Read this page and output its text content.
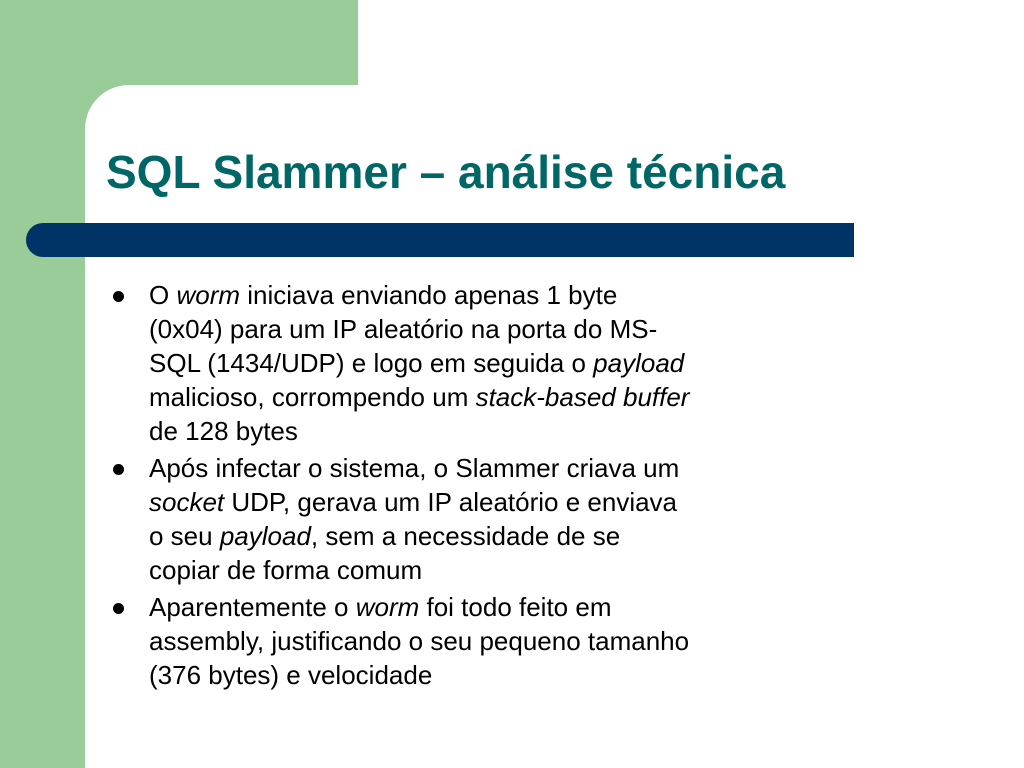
SQL Slammer – análise técnica
O worm iniciava enviando apenas 1 byte
(0x04) para um IP aleatório na porta do MS-
SQL (1434/UDP) e logo em seguida o payload
malicioso, corrompendo um stack-based buffer
de 128 bytes
Após infectar o sistema, o Slammer criava um
socket UDP, gerava um IP aleatório e enviava
o seu payload, sem a necessidade de se
copiar de forma comum
Aparentemente o worm foi todo feito em
assembly, justificando o seu pequeno tamanho
(376 bytes) e velocidade
